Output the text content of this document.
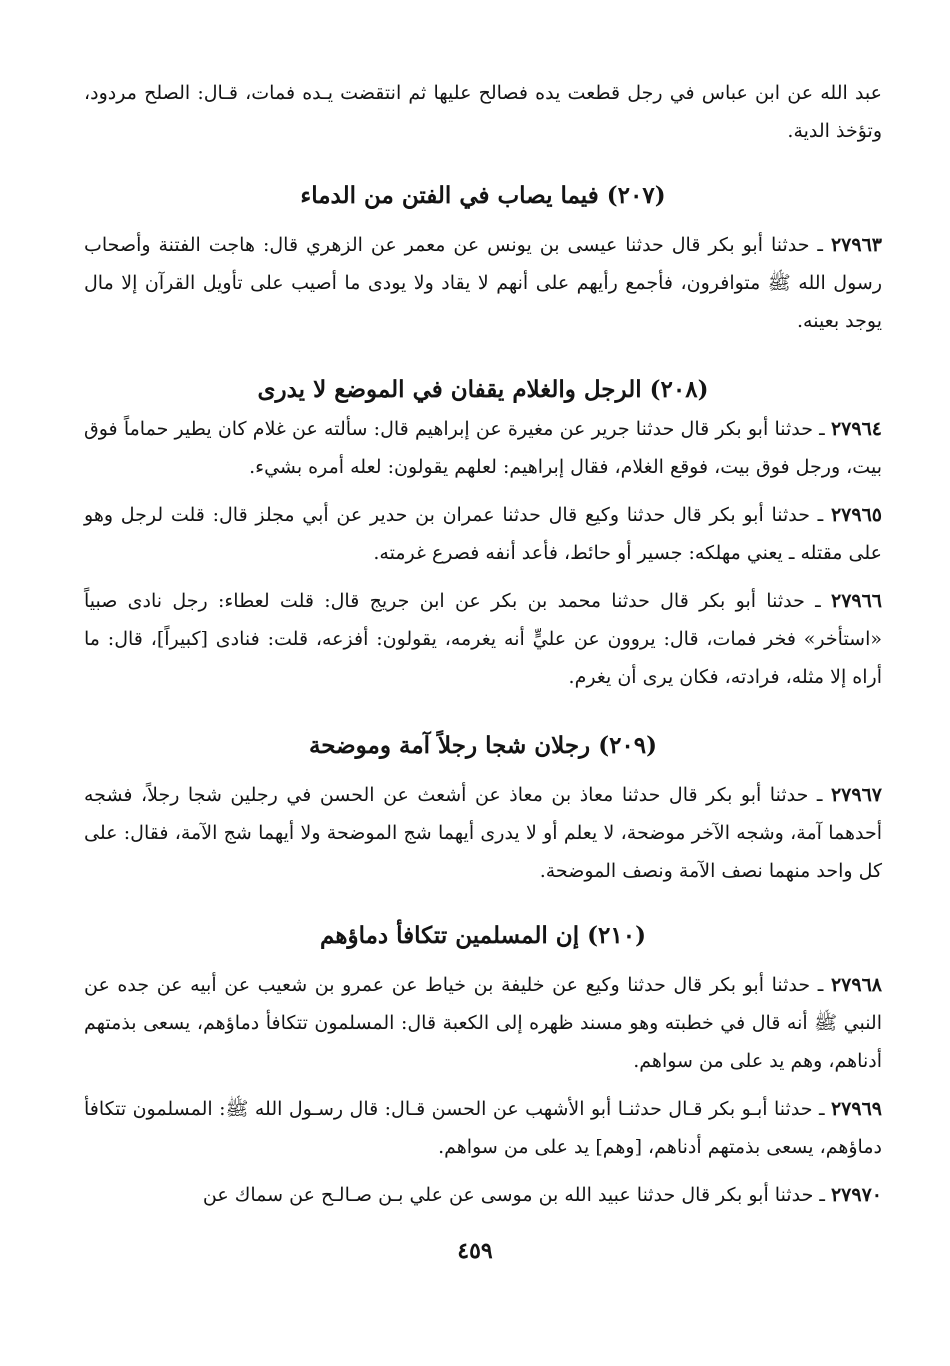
عبد الله عن ابن عباس في رجل قطعت يده فصالح عليها ثم انتقضت يـده فمات، قـال: الصلح مردود، وتؤخذ الدية.

(٢٠٧) فيما يصاب في الفتن من الدماء

٢٧٩٦٣ ـ حدثنا أبو بكر قال حدثنا عيسى بن يونس عن معمر عن الزهري قال: هاجت الفتنة وأصحاب رسول الله ﷺ متوافرون، فأجمع رأيهم على أنهم لا يقاد ولا يودى ما أصيب على تأويل القرآن إلا مال يوجد بعينه.

(٢٠٨) الرجل والغلام يقفان في الموضع لا يدرى

٢٧٩٦٤ ـ حدثنا أبو بكر قال حدثنا جرير عن مغيرة عن إبراهيم قال: سألته عن غلام كان يطير حماماً فوق بيت، ورجل فوق بيت، فوقع الغلام، فقال إبراهيم: لعلهم يقولون: لعله أمره بشيء.

٢٧٩٦٥ ـ حدثنا أبو بكر قال حدثنا وكيع قال حدثنا عمران بن حدير عن أبي مجلز قال: قلت لرجل وهو على مقتله ـ يعني مهلكه: جسير أو حائط، فأعد أنفه فصرع غرمته.

٢٧٩٦٦ ـ حدثنا أبو بكر قال حدثنا محمد بن بكر عن ابن جريج قال: قلت لعطاء: رجل نادى صبياً «استأخر» فخر فمات، قال: يروون عن عليٍّ أنه يغرمه، يقولون: أفزعه، قلت: فنادى [كبيراً]، قال: ما أراه إلا مثله، فرادته، فكان يرى أن يغرم.

(٢٠٩) رجلان شجا رجلاً آمة وموضحة

٢٧٩٦٧ ـ حدثنا أبو بكر قال حدثنا معاذ بن معاذ عن أشعث عن الحسن في رجلين شجا رجلاً، فشجه أحدهما آمة، وشجه الآخر موضحة، لا يعلم أو لا يدرى أيهما شج الموضحة ولا أيهما شج الآمة، فقال: على كل واحد منهما نصف الآمة ونصف الموضحة.

(٢١٠) إن المسلمين تتكافأ دماؤهم

٢٧٩٦٨ ـ حدثنا أبو بكر قال حدثنا وكيع عن خليفة بن خياط عن عمرو بن شعيب عن أبيه عن جده عن النبي ﷺ أنه قال في خطبته وهو مسند ظهره إلى الكعبة قال: المسلمون تتكافأ دماؤهم، يسعى بذمتهم أدناهم، وهم يد على من سواهم.

٢٧٩٦٩ ـ حدثنا أبـو بكر قـال حدثنـا أبو الأشهب عن الحسن قـال: قال رسـول الله ﷺ: المسلمون تتكافأ دماؤهم، يسعى بذمتهم أدناهم، [وهم] يد على من سواهم.

٢٧٩٧٠ ـ حدثنا أبو بكر قال حدثنا عبيد الله بن موسى عن علي بـن صـالـح عن سماك عن

٤٥٩
